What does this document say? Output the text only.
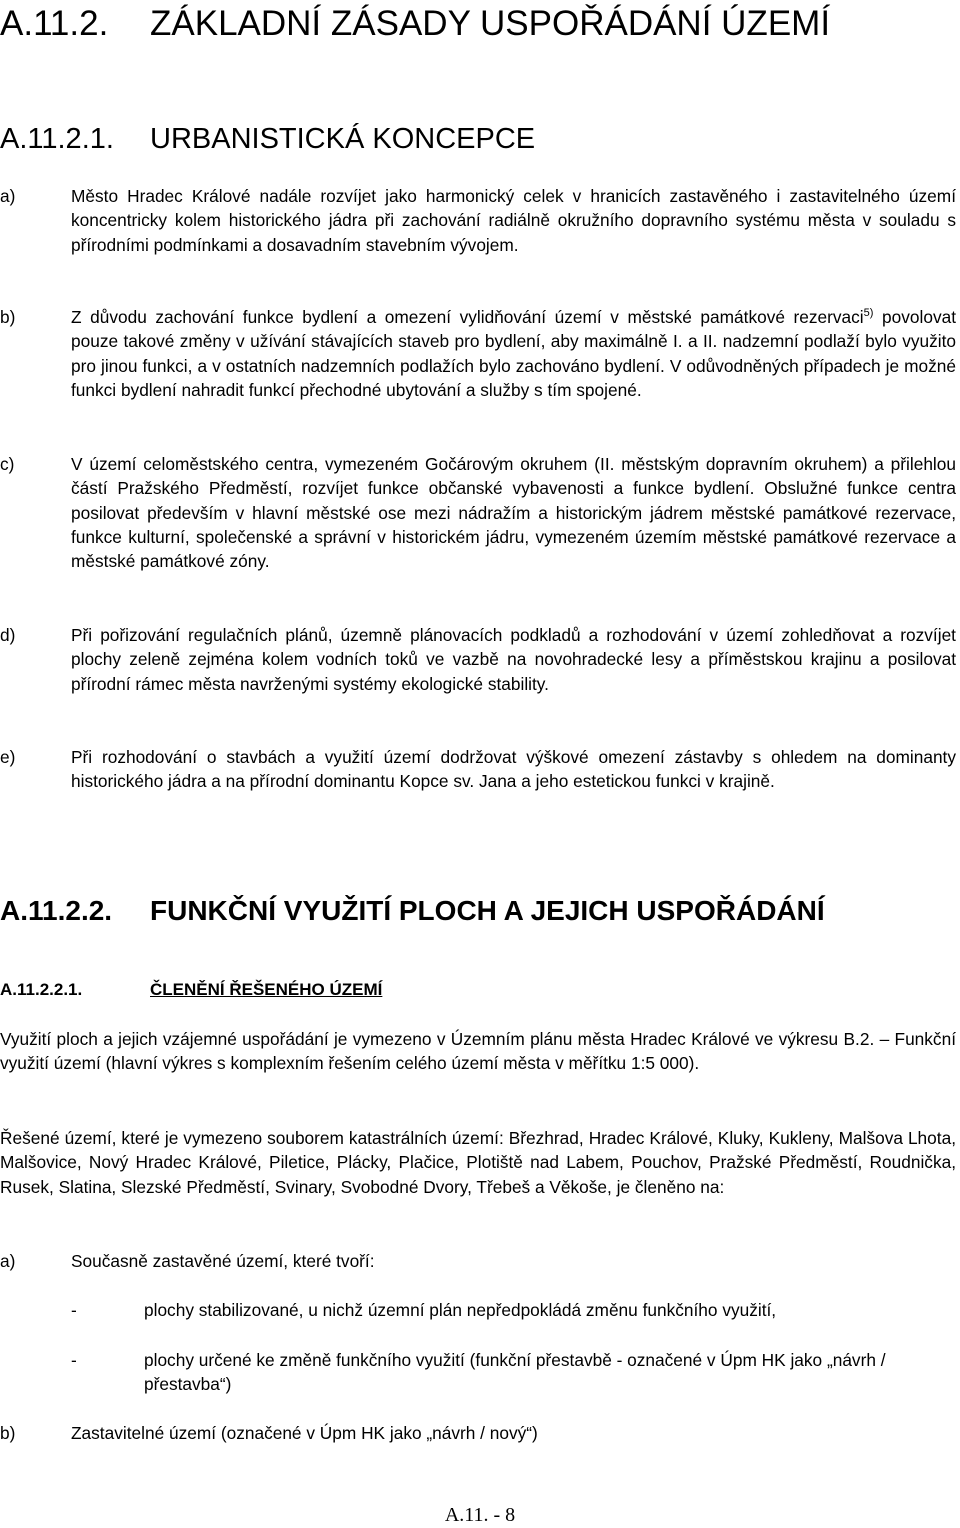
A.11.2. ZÁKLADNÍ ZÁSADY USPOŘÁDÁNÍ ÚZEMÍ
A.11.2.1. URBANISTICKÁ KONCEPCE
a)	Město Hradec Králové nadále rozvíjet jako harmonický celek v hranicích zastavěného i zastavitelného území koncentricky kolem historického jádra při zachování radiálně okružního dopravního systému města v souladu s přírodními podmínkami a dosavadním stavebním vývojem.
b)	Z důvodu zachování funkce bydlení a omezení vylidňování území v městské památkové rezervaci$^{5)}$ povolovat pouze takové změny v užívání stávajících staveb pro bydlení, aby maximálně I. a II. nadzemní podlaží bylo využito pro jinou funkci, a v ostatních nadzemních podlažích bylo zachováno bydlení. V odůvodněných případech je možné funkci bydlení nahradit funkcí přechodné ubytování a služby s tím spojené.
c)	V území celoměstského centra, vymezeném Gočárovým okruhem (II. městským dopravním okruhem) a přilehlou částí Pražského Předměstí, rozvíjet funkce občanské vybavenosti a funkce bydlení. Obslužné funkce centra posilovat především v hlavní městské ose mezi nádražím a historickým jádrem městské památkové rezervace, funkce kulturní, společenské a správní v historickém jádru, vymezeném územím městské památkové rezervace a městské památkové zóny.
d)	Při pořizování regulačních plánů, územně plánovacích podkladů a rozhodování v území zohledňovat a rozvíjet plochy zeleně zejména kolem vodních toků ve vazbě na novohradecké lesy a příměstskou krajinu a posilovat přírodní rámec města navrženými systémy ekologické stability.
e)	Při rozhodování o stavbách a využití území dodržovat výškové omezení zástavby s ohledem na dominanty historického jádra a na přírodní dominantu Kopce sv. Jana a jeho estetickou funkci v krajině.
A.11.2.2. FUNKČNÍ VYUŽITÍ PLOCH A JEJICH USPOŘÁDÁNÍ
A.11.2.2.1.	ČLENĚNÍ ŘEŠENÉHO ÚZEMÍ
Využití ploch a jejich vzájemné uspořádání je vymezeno v Územním plánu města Hradec Králové ve výkresu B.2. – Funkční využití území (hlavní výkres s komplexním řešením celého území města v měřítku 1:5 000).
Řešené území, které je vymezeno souborem katastrálních území: Březhrad, Hradec Králové, Kluky, Kukleny, Malšova Lhota, Malšovice, Nový Hradec Králové, Piletice, Plácky, Plačice, Plotiště nad Labem, Pouchov, Pražské Předměstí, Roudnička, Rusek, Slatina, Slezské Předměstí, Svinary, Svobodné Dvory, Třebeš a Věkoše, je členěno na:
a)	Současně zastavěné území, které tvoří:
-	plochy stabilizované, u nichž územní plán nepředpokládá změnu funkčního využití,
-	plochy určené ke změně funkčního využití (funkční přestavbě - označené v Úpm HK jako „návrh / přestavba“)
b)	Zastavitelné území (označené v Úpm HK jako „návrh / nový“)
A.11. - 8
